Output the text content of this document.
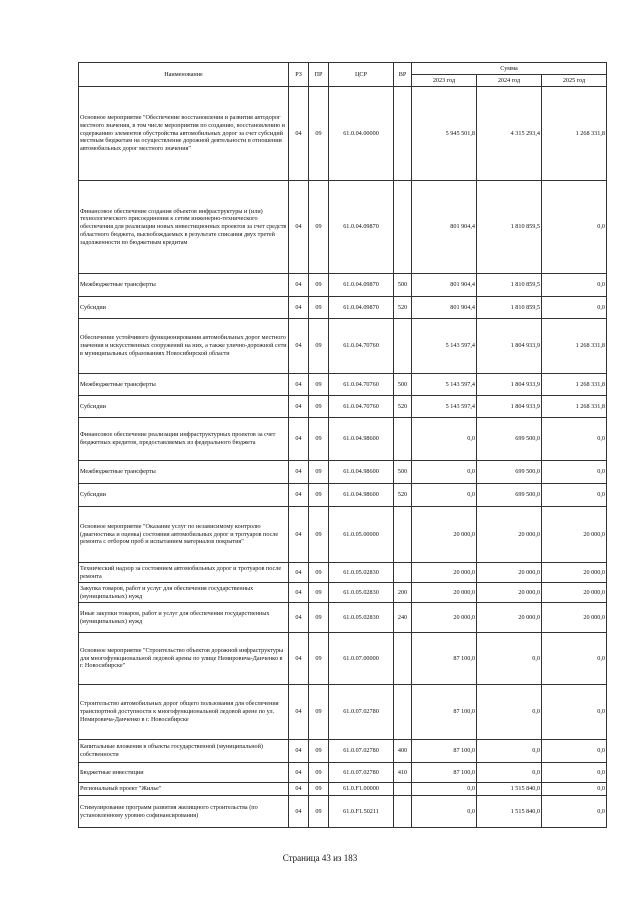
Наименование	РЗ	ПР	ЦСР	ВР	Сумма		
					2023 год	2024 год	2025 год
Основное мероприятие "Обеспечение восстановления и развития автодорог местного значения, в том числе мероприятия по созданию, восстановлению и содержанию элементов обустройства автомобильных дорог за счет субсидий местным бюджетам на осуществление дорожной деятельности в отношении автомобильных дорог местного значения"	04	09	61.0.04.00000		5 945 501,8	4 315 293,4	1 268 331,8
Финансовое обеспечение создания объектов инфраструктуры и (или) технологического присоединения к сетям инженерно-технического обеспечения для реализации новых инвестиционных проектов за счет средств областного бюджета, высвобождаемых в результате списания двух третей задолженности по бюджетным кредитам	04	09	61.0.04.09870		801 904,4	1 810 859,5	0,0
Межбюджетные трансферты	04	09	61.0.04.09870	500	801 904,4	1 810 859,5	0,0
Субсидии	04	09	61.0.04.09870	520	801 904,4	1 810 859,5	0,0
Обеспечение устойчивого функционирования автомобильных дорог местного значения и искусственных сооружений на них, а также улично-дорожной сети в муниципальных образованиях Новосибирской области	04	09	61.0.04.70760		5 143 597,4	1 804 933,9	1 268 331,8
Межбюджетные трансферты	04	09	61.0.04.70760	500	5 143 597,4	1 804 933,9	1 268 331,8
Субсидии	04	09	61.0.04.70760	520	5 143 597,4	1 804 933,9	1 268 331,8
Финансовое обеспечение реализации инфраструктурных проектов за счет бюджетных кредитов, предоставляемых из федерального бюджета	04	09	61.0.04.98600		0,0	699 500,0	0,0
Межбюджетные трансферты	04	09	61.0.04.98600	500	0,0	699 500,0	0,0
Субсидии	04	09	61.0.04.98600	520	0,0	699 500,0	0,0
Основное мероприятие "Оказание услуг по независимому контролю (диагностика и оценка) состояния автомобильных дорог и тротуаров после ремонта с отбором проб и испытанием материалов покрытия"	04	09	61.0.05.00000		20 000,0	20 000,0	20 000,0
Технический надзор за состоянием автомобильных дорог и тротуаров после ремонта	04	09	61.0.05.02830		20 000,0	20 000,0	20 000,0
Закупка товаров, работ и услуг для обеспечения государственных (муниципальных) нужд	04	09	61.0.05.02830	200	20 000,0	20 000,0	20 000,0
Иные закупки товаров, работ и услуг для обеспечения государственных (муниципальных) нужд	04	09	61.0.05.02830	240	20 000,0	20 000,0	20 000,0
Основное мероприятие "Строительство объектов дорожной инфраструктуры для многофункциональной ледовой арены по улице Немировича-Данченко в г. Новосибирске"	04	09	61.0.07.00000		87 100,0	0,0	0,0
Строительство автомобильных дорог общего пользования для обеспечения транспортной доступности к многофункциональной ледовой арене по ул. Немировича-Данченко в г. Новосибирске	04	09	61.0.07.02780		87 100,0	0,0	0,0
Капитальные вложения в объекты государственной (муниципальной) собственности	04	09	61.0.07.02780	400	87 100,0	0,0	0,0
Бюджетные инвестиции	04	09	61.0.07.02780	410	87 100,0	0,0	0,0
Региональный проект "Жилье"	04	09	61.0.F1.00000		0,0	1 515 840,0	0,0
Стимулирование программ развития жилищного строительства (по установленному уровню софинансирования)	04	09	61.0.F1.50211		0,0	1 515 840,0	0,0
Страница 43 из 183
